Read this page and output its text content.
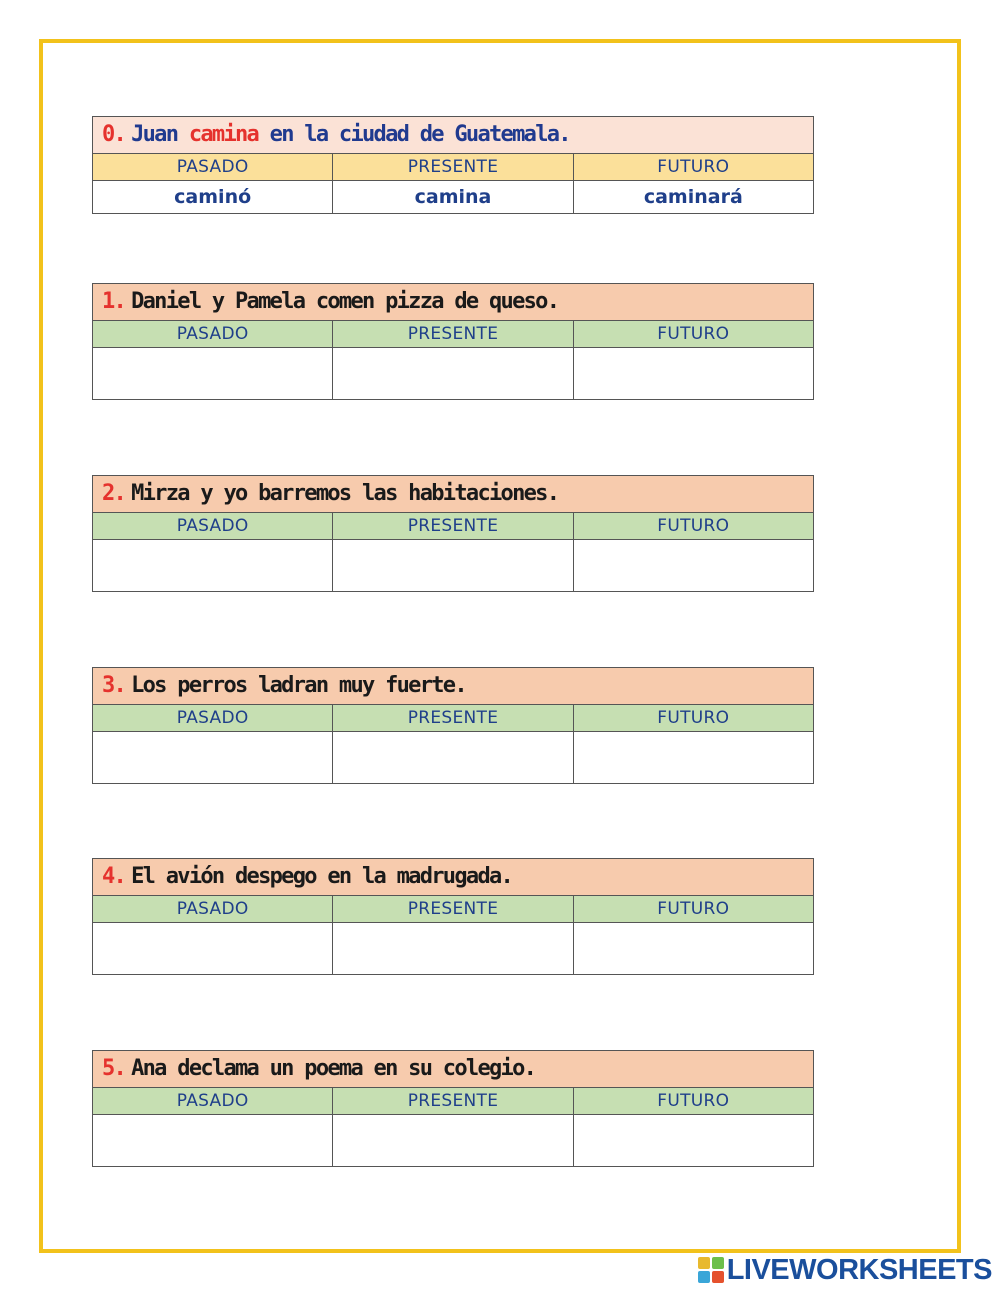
0. Juan camina en la ciudad de Guatemala.
PASADO	PRESENTE	FUTURO
caminó	camina	caminará
1. Daniel y Pamela comen pizza de queso.
PASADO	PRESENTE	FUTURO
2. Mirza y yo barremos las habitaciones.
PASADO	PRESENTE	FUTURO
3. Los perros ladran muy fuerte.
PASADO	PRESENTE	FUTURO
4. El avión despego en la madrugada.
PASADO	PRESENTE	FUTURO
5. Ana declama un poema en su colegio.
PASADO	PRESENTE	FUTURO
LIVEWORKSHEETS
